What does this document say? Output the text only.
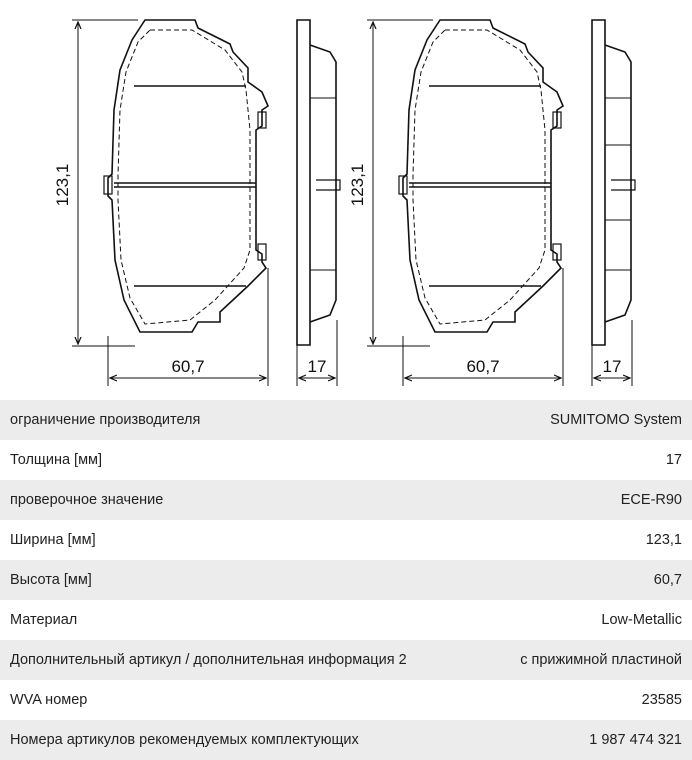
123,1
60,7	17
123,1
60,7	17
ограничение производителя	SUMITOMO System
Толщина [мм]	17
проверочное значение	ECE-R90
Ширина [мм]	123,1
Высота [мм]	60,7
Материал	Low-Metallic
Дополнительный артикул / дополнительная информация 2	с прижимной пластиной
WVA номер	23585
Номера артикулов рекомендуемых комплектующих	1 987 474 321
